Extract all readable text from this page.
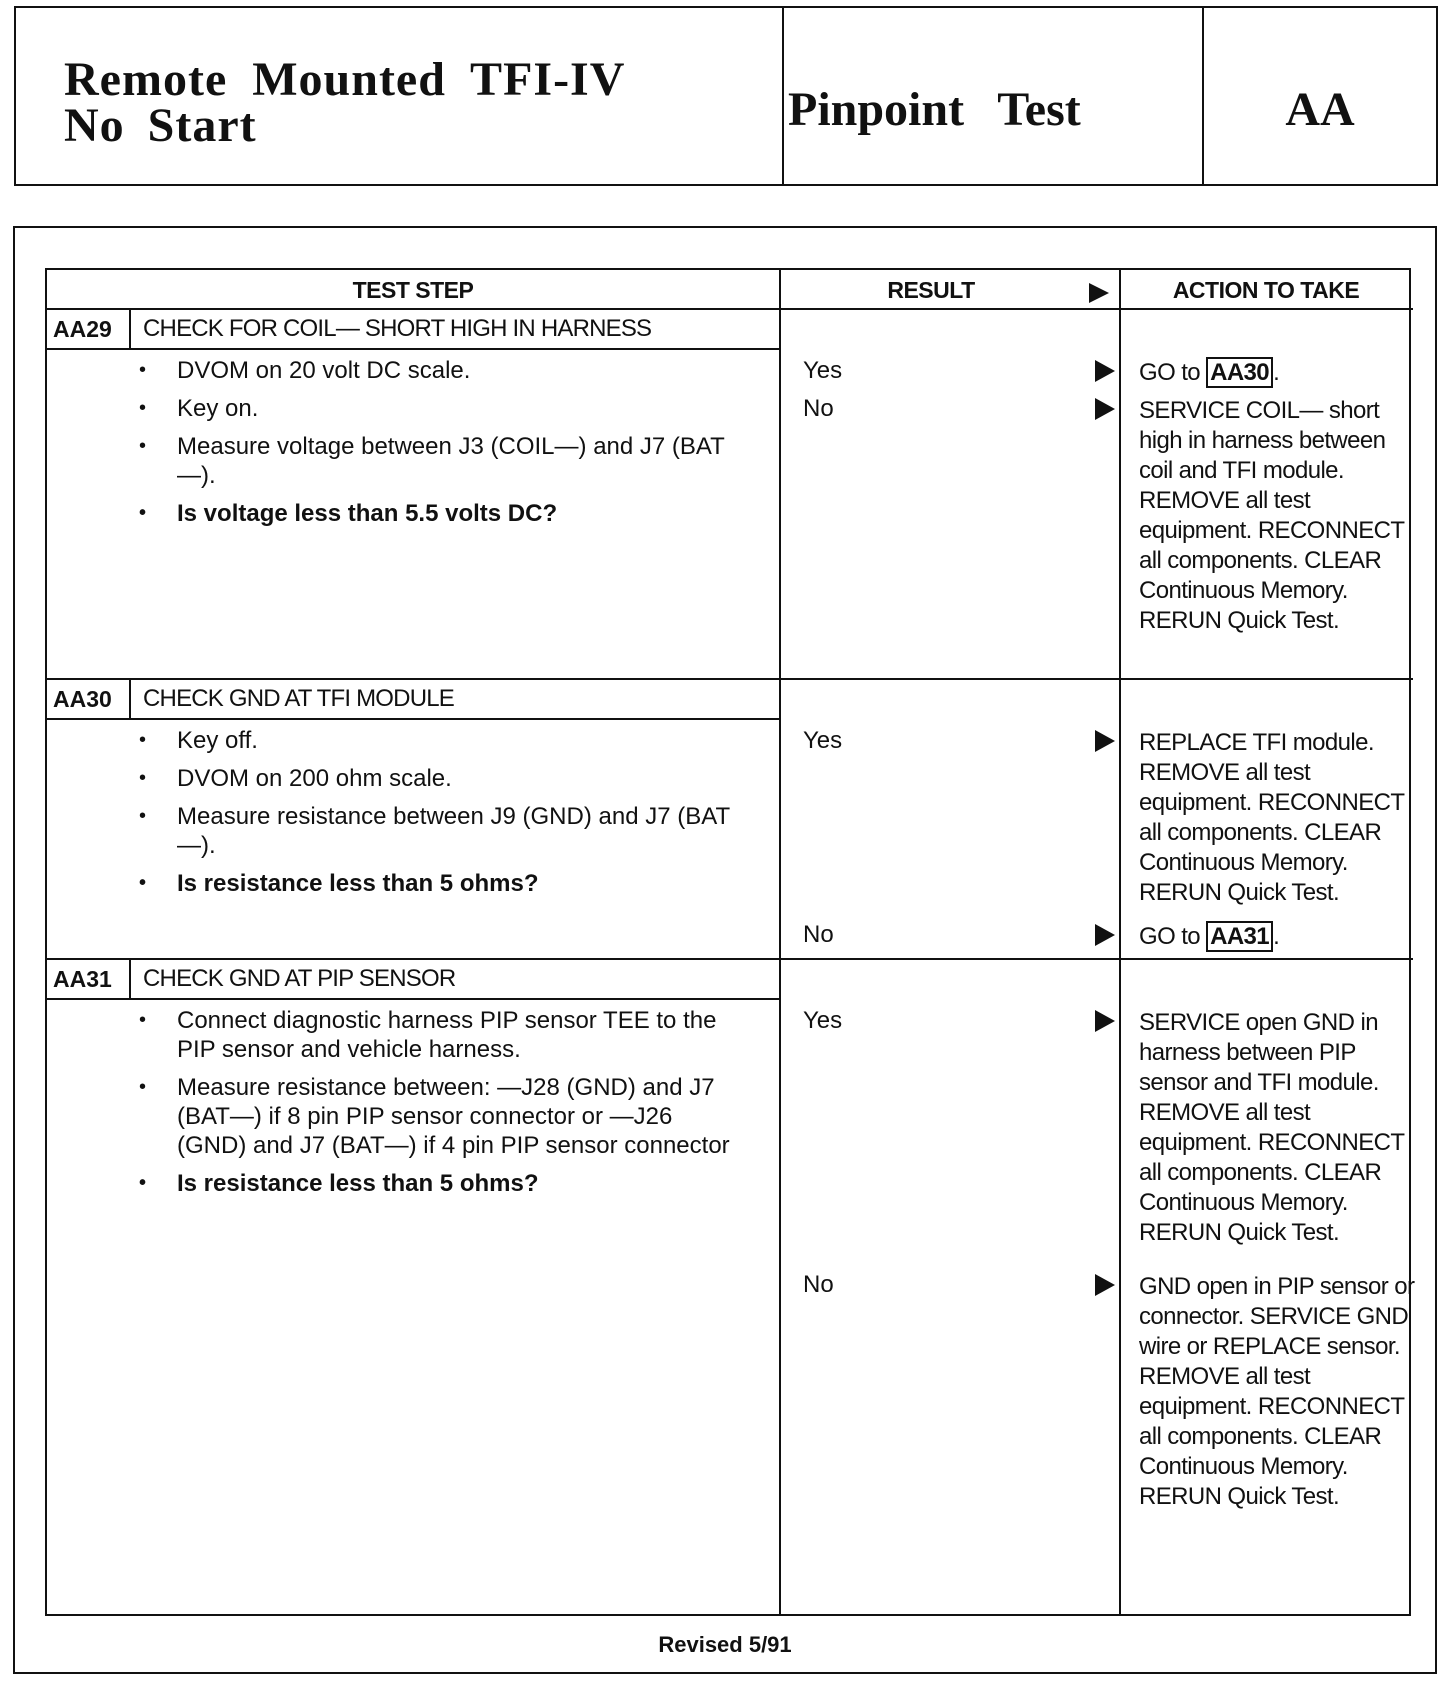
Remote Mounted TFI-IV
No Start	Pinpoint Test	AA
TEST STEP	RESULT	ACTION TO TAKE
AA29 CHECK FOR COIL— SHORT HIGH IN HARNESS
• DVOM on 20 volt DC scale.
• Key on.
• Measure voltage between J3 (COIL—) and J7 (BAT—).
• Is voltage less than 5.5 volts DC?
Yes	GO to AA30 .
No	SERVICE COIL— short high in harness between coil and TFI module. REMOVE all test equipment. RECONNECT all components. CLEAR Continuous Memory. RERUN Quick Test.
AA30 CHECK GND AT TFI MODULE
• Key off.
• DVOM on 200 ohm scale.
• Measure resistance between J9 (GND) and J7 (BAT—).
• Is resistance less than 5 ohms?
Yes	REPLACE TFI module. REMOVE all test equipment. RECONNECT all components. CLEAR Continuous Memory. RERUN Quick Test.
No	GO to AA31 .
AA31 CHECK GND AT PIP SENSOR
• Connect diagnostic harness PIP sensor TEE to the PIP sensor and vehicle harness.
• Measure resistance between: —J28 (GND) and J7 (BAT—) if 8 pin PIP sensor connector or —J26 (GND) and J7 (BAT—) if 4 pin PIP sensor connector
• Is resistance less than 5 ohms?
Yes	SERVICE open GND in harness between PIP sensor and TFI module. REMOVE all test equipment. RECONNECT all components. CLEAR Continuous Memory. RERUN Quick Test.
No	GND open in PIP sensor or connector. SERVICE GND wire or REPLACE sensor. REMOVE all test equipment. RECONNECT all components. CLEAR Continuous Memory. RERUN Quick Test.
Revised 5/91
